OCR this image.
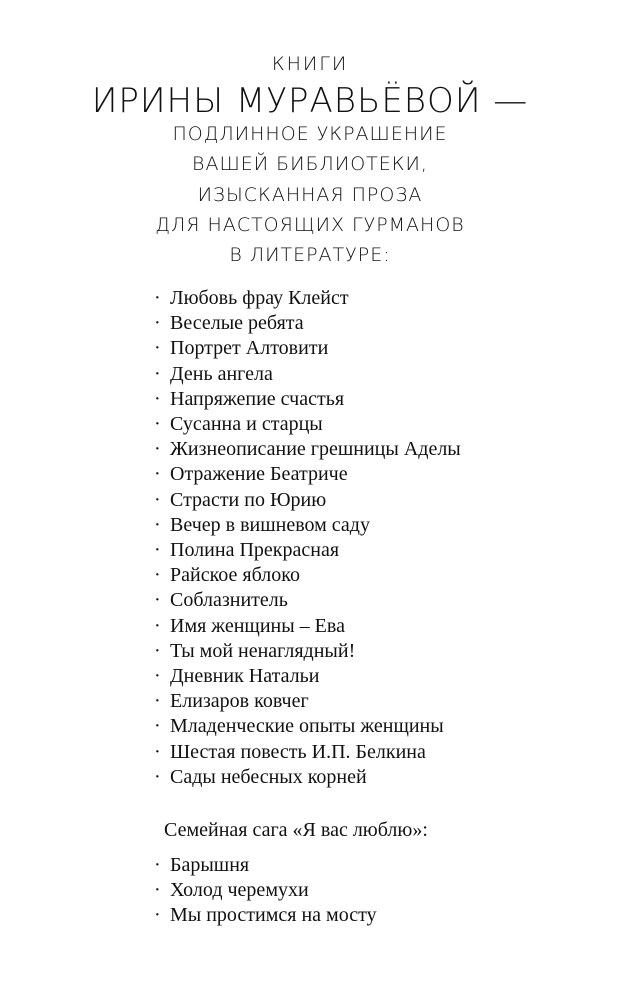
КНИГИ
ИРИНЫ МУРАВЬЁВОЙ —
ПОДЛИННОЕ УКРАШЕНИЕ
ВАШЕЙ БИБЛИОТЕКИ,
ИЗЫСКАННАЯ ПРОЗА
ДЛЯ НАСТОЯЩИХ ГУРМАНОВ
В ЛИТЕРАТУРЕ:
· Любовь фрау Клейст
· Веселые ребята
· Портрет Алтовити
· День ангела
· Напряжепие счастья
· Сусанна и старцы
· Жизнеописание грешницы Аделы
· Отражение Беатриче
· Страсти по Юрию
· Вечер в вишневом саду
· Полина Прекрасная
· Райское яблоко
· Соблазнитель
· Имя женщины – Ева
· Ты мой ненаглядный!
· Дневник Натальи
· Елизаров ковчег
· Младенческие опыты женщины
· Шестая повесть И.П. Белкина
· Сады небесных корней
Семейная сага «Я вас люблю»:
· Барышня
· Холод черемухи
· Мы простимся на мосту
